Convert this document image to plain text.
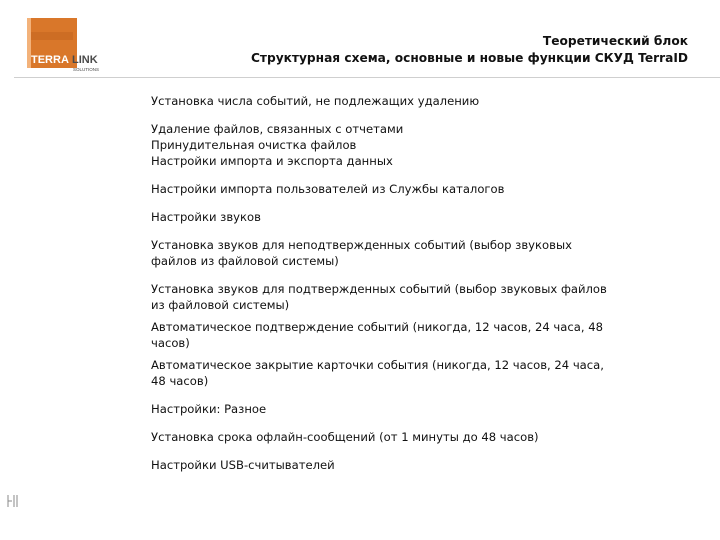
TERRA LINK
SOLUTIONS
Теоретический блок
Структурная схема, основные и новые функции СКУД TerraID
Установка числа событий, не подлежащих удалению
Удаление файлов, связанных с отчетами
Принудительная очистка файлов
Настройки импорта и экспорта данных
Настройки импорта пользователей из Службы каталогов
Настройки звуков
Установка звуков для неподтвержденных событий (выбор звуковых файлов из файловой системы)
Установка звуков для подтвержденных событий (выбор звуковых файлов из файловой системы)
Автоматическое подтверждение событий (никогда, 12 часов, 24 часа, 48 часов)
Автоматическое закрытие карточки события (никогда, 12 часов, 24 часа, 48 часов)
Настройки: Разное
Установка срока офлайн-сообщений (от 1 минуты до 48 часов)
Настройки USB-считывателей
